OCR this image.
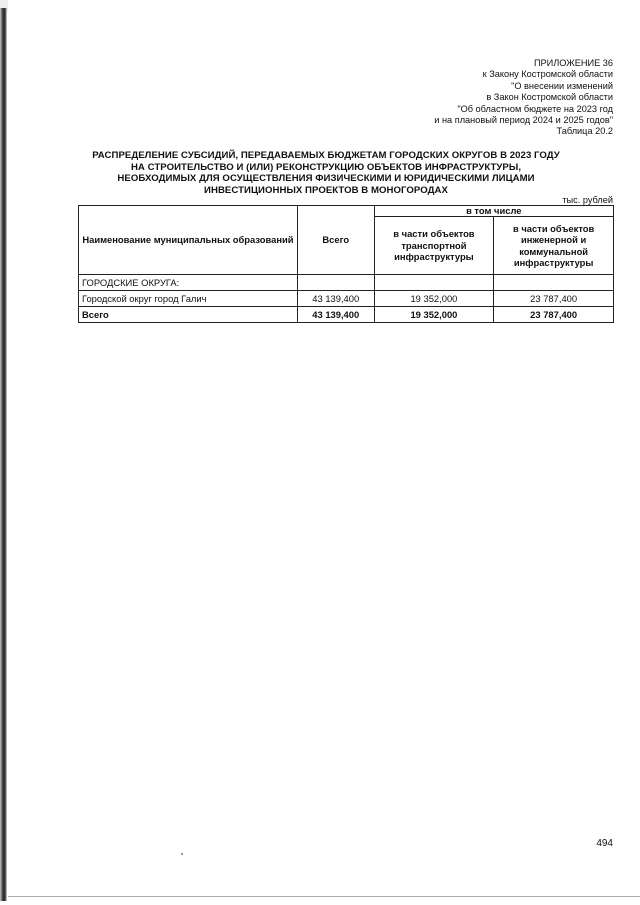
ПРИЛОЖЕНИЕ 36
к Закону Костромской области
"О внесении изменений
в Закон Костромской области
"Об областном бюджете на 2023 год
и на плановый период 2024 и 2025 годов"
Таблица 20.2
РАСПРЕДЕЛЕНИЕ СУБСИДИЙ, ПЕРЕДАВАЕМЫХ БЮДЖЕТАМ ГОРОДСКИХ ОКРУГОВ В 2023 ГОДУ НА СТРОИТЕЛЬСТВО И (ИЛИ) РЕКОНСТРУКЦИЮ ОБЪЕКТОВ ИНФРАСТРУКТУРЫ, НЕОБХОДИМЫХ ДЛЯ ОСУЩЕСТВЛЕНИЯ ФИЗИЧЕСКИМИ И ЮРИДИЧЕСКИМИ ЛИЦАМИ ИНВЕСТИЦИОННЫХ ПРОЕКТОВ В МОНОГОРОДАХ
тыс. рублей
Наименование муниципальных образований	Всего	в том числе	
		в части объектов транспортной инфраструктуры	в части объектов инженерной и коммунальной инфраструктуры
ГОРОДСКИЕ ОКРУГА:			
Городской округ город Галич	43 139,400	19 352,000	23 787,400
Всего	43 139,400	19 352,000	23 787,400
494
